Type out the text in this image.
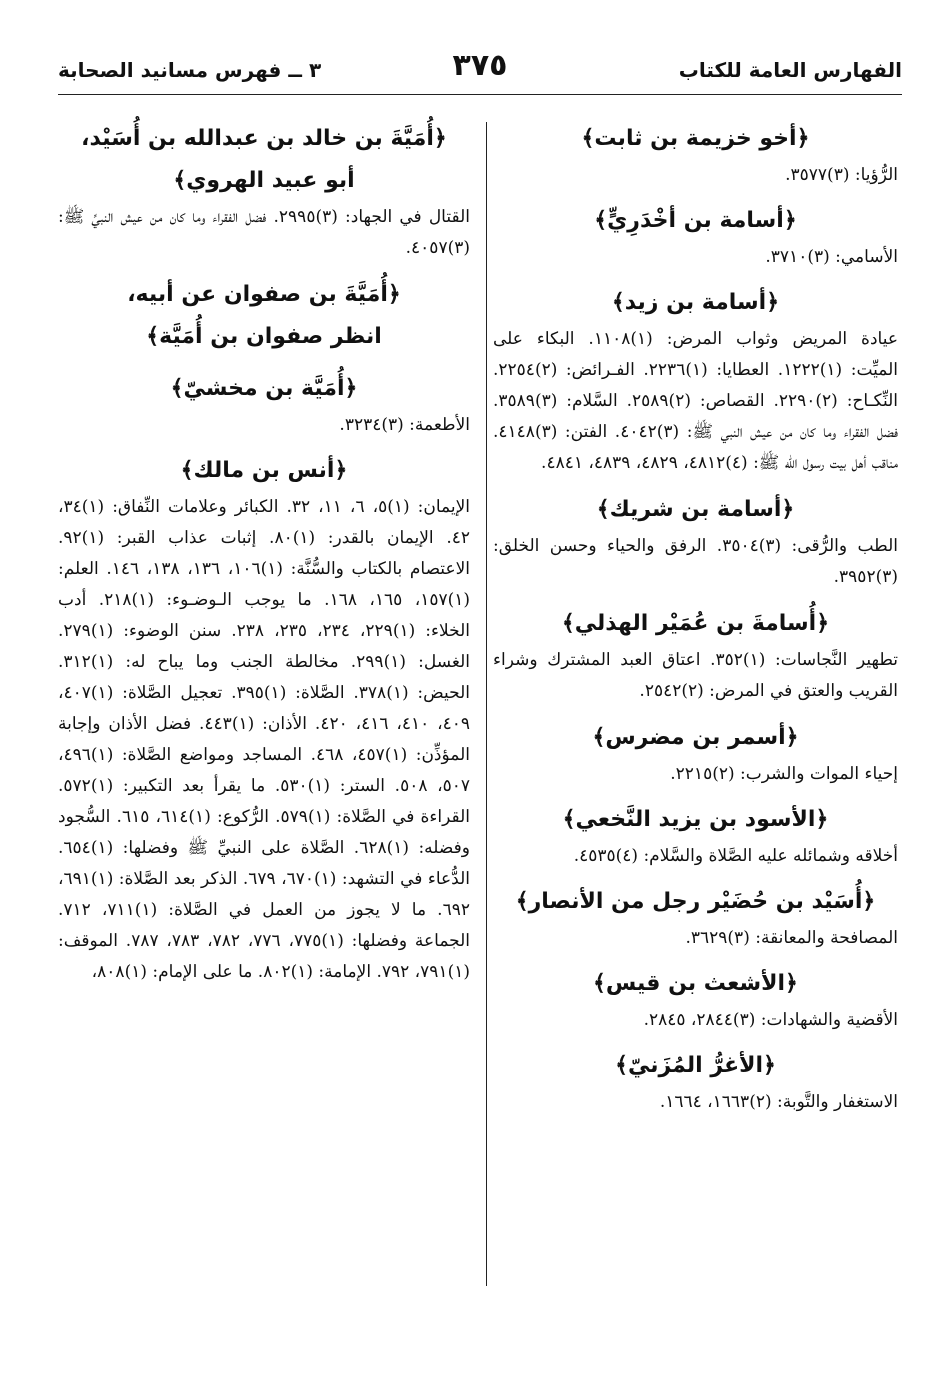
الفهارس العامة للكتاب
٣٧٥
٣ ــ فهرس مسانيد الصحابة
﴿أخو خزيمة بن ثابت﴾
الرُّؤيا: (٣)٣٥٧٧.
﴿أسامة بن أخْدَرِيٍّ﴾
الأسامي: (٣)٣٧١٠.
﴿أسامة بن زيد﴾
عيادة المريض وثواب المرض: (١)١١٠٨. البكاء على الميِّت: (١)١٢٢٢. العطايا: (١)٢٢٣٦. الفـرائض: (٢)٢٢٥٤. النِّكـاح: (٢)٢٢٩٠. القصاص: (٢)٢٥٨٩. السَّلام: (٣)٣٥٨٩. فضل الفقراء وما كان من عيش النبي ﷺ: (٣)٤٠٤٢. الفتن: (٣)٤١٤٨. مناقب أهل بيت رسول الله ﷺ: (٤)٤٨١٢، ٤٨٢٩، ٤٨٣٩، ٤٨٤١.
﴿أسامة بن شريك﴾
الطب والرُّقى: (٣)٣٥٠٤. الرفق والحياء وحسن الخلق: (٣)٣٩٥٢.
﴿أُسامةَ بن عُمَيْر الهذلي﴾
تطهير النَّجاسات: (١)٣٥٢. اعتاق العبد المشترك وشراء القريب والعتق في المرض: (٢)٢٥٤٢.
﴿أسمر بن مضرس﴾
إحياء الموات والشرب: (٢)٢٢١٥.
﴿الأسود بن يزيد النَّخعي﴾
أخلاقه وشمائله عليه الصَّلاة والسَّلام: (٤)٤٥٣٥.
﴿أُسَيْد بن حُضَيْر رجل من الأنصار﴾
المصافحة والمعانقة: (٣)٣٦٢٩.
﴿الأشعث بن قيس﴾
الأقضية والشهادات: (٣)٢٨٤٤، ٢٨٤٥.
﴿الأغرُّ المُزَنيّ﴾
الاستغفار والتَّوبة: (٢)١٦٦٣، ١٦٦٤.
﴿أُمَيَّةَ بن خالد بن عبدالله بن أُسَيْد،
أبو عبيد الهروي﴾
القتال في الجهاد: (٣)٢٩٩٥. فضل الفقراء وما كان من عيش النبيِّ ﷺ: (٣)٤٠٥٧.
﴿أُمَيَّةَ بن صفوان عن أبيه،
انظر صفوان بن أُمَيَّة﴾
﴿أُمَيَّة بن مخشيّ﴾
الأطعمة: (٣)٣٢٣٤.
﴿أنس بن مالك﴾
الإيمان: (١)٥، ٦، ١١، ٣٢. الكبائر وعلامات النِّفاق: (١)٣٤، ٤٢. الإيمان بالقدر: (١)٨٠. إثبات عذاب القبر: (١)٩٢. الاعتصام بالكتاب والسُّنَّة: (١)١٠٦، ١٣٦، ١٣٨، ١٤٦. العلم: (١)١٥٧، ١٦٥، ١٦٨. ما يوجب الـوضـوء: (١)٢١٨. أدب الخلاء: (١)٢٢٩، ٢٣٤، ٢٣٥، ٢٣٨. سنن الوضوء: (١)٢٧٩. الغسل: (١)٢٩٩. مخالطة الجنب وما يباح له: (١)٣١٢. الحيض: (١)٣٧٨. الصَّلاة: (١)٣٩٥. تعجيل الصَّلاة: (١)٤٠٧، ٤٠٩، ٤١٠، ٤١٦، ٤٢٠. الأذان: (١)٤٤٣. فضل الأذان وإجابة المؤذِّن: (١)٤٥٧، ٤٦٨. المساجد ومواضع الصَّلاة: (١)٤٩٦، ٥٠٧، ٥٠٨. الستر: (١)٥٣٠. ما يقرأ بعد التكبير: (١)٥٧٢. القراءة في الصَّلاة: (١)٥٧٩. الرُّكوع: (١)٦١٤، ٦١٥. السُّجود وفضله: (١)٦٢٨. الصَّلاة على النبيِّ ﷺ وفضلها: (١)٦٥٤. الدُّعاء في التشهد: (١)٦٧٠، ٦٧٩. الذكر بعد الصَّلاة: (١)٦٩١، ٦٩٢. ما لا يجوز من العمل في الصَّلاة: (١)٧١١، ٧١٢. الجماعة وفضلها: (١)٧٧٥، ٧٧٦، ٧٨٢، ٧٨٣، ٧٨٧. الموقف: (١)٧٩١، ٧٩٢. الإمامة: (١)٨٠٢. ما على الإمام: (١)٨٠٨،
